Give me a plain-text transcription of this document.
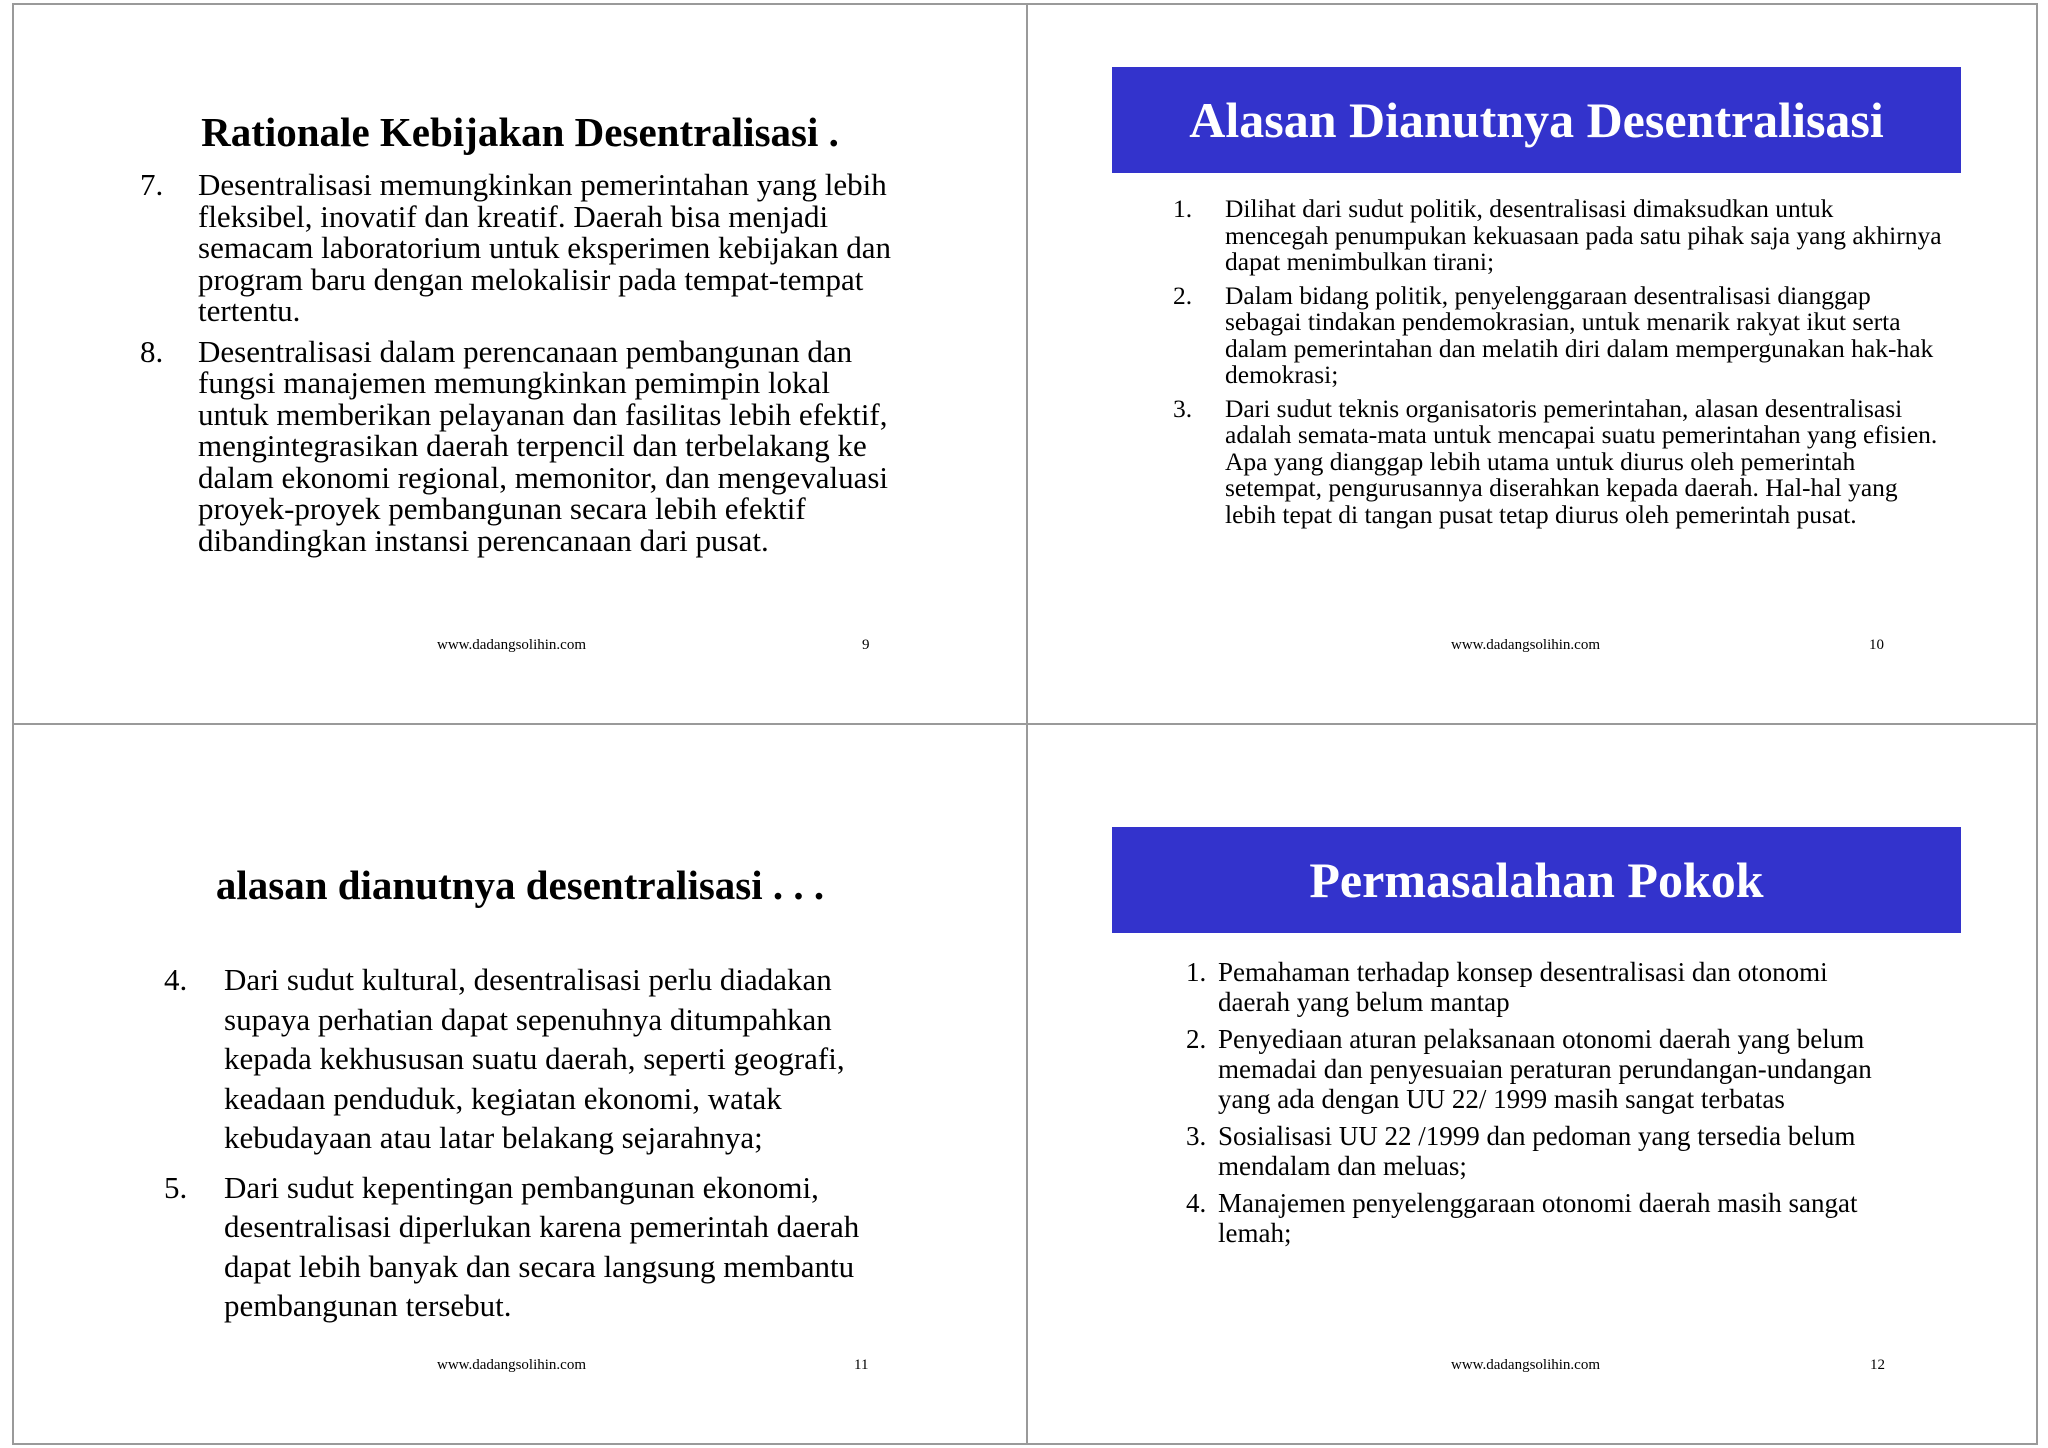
Rationale Kebijakan Desentralisasi .
7. Desentralisasi memungkinkan pemerintahan yang lebih fleksibel, inovatif dan kreatif. Daerah bisa menjadi semacam laboratorium untuk eksperimen kebijakan dan program baru dengan melokalisir pada tempat-tempat tertentu.
8. Desentralisasi dalam perencanaan pembangunan dan fungsi manajemen memungkinkan pemimpin lokal untuk memberikan pelayanan dan fasilitas lebih efektif, mengintegrasikan daerah terpencil dan terbelakang ke dalam ekonomi regional, memonitor, dan mengevaluasi proyek-proyek pembangunan secara lebih efektif dibandingkan instansi perencanaan dari pusat.
www.dadangsolihin.com	9
Alasan Dianutnya Desentralisasi
1. Dilihat dari sudut politik, desentralisasi dimaksudkan untuk mencegah penumpukan kekuasaan pada satu pihak saja yang akhirnya dapat menimbulkan tirani;
2. Dalam bidang politik, penyelenggaraan desentralisasi dianggap sebagai tindakan pendemokrasian, untuk menarik rakyat ikut serta dalam pemerintahan dan melatih diri dalam mempergunakan hak-hak demokrasi;
3. Dari sudut teknis organisatoris pemerintahan, alasan desentralisasi adalah semata-mata untuk mencapai suatu pemerintahan yang efisien. Apa yang dianggap lebih utama untuk diurus oleh pemerintah setempat, pengurusannya diserahkan kepada daerah. Hal-hal yang lebih tepat di tangan pusat tetap diurus oleh pemerintah pusat.
www.dadangsolihin.com	10
alasan dianutnya desentralisasi . . .
4. Dari sudut kultural, desentralisasi perlu diadakan supaya perhatian dapat sepenuhnya ditumpahkan kepada kekhususan suatu daerah, seperti geografi, keadaan penduduk, kegiatan ekonomi, watak kebudayaan atau latar belakang sejarahnya;
5. Dari sudut kepentingan pembangunan ekonomi, desentralisasi diperlukan karena pemerintah daerah dapat lebih banyak dan secara langsung membantu pembangunan tersebut.
www.dadangsolihin.com	11
Permasalahan Pokok
1. Pemahaman terhadap konsep desentralisasi dan otonomi daerah yang belum mantap
2. Penyediaan aturan pelaksanaan otonomi daerah yang belum memadai dan penyesuaian peraturan perundangan-undangan yang ada dengan UU 22/ 1999 masih sangat terbatas
3. Sosialisasi UU 22 /1999 dan pedoman yang tersedia belum mendalam dan meluas;
4. Manajemen penyelenggaraan otonomi daerah masih sangat lemah;
www.dadangsolihin.com	12
